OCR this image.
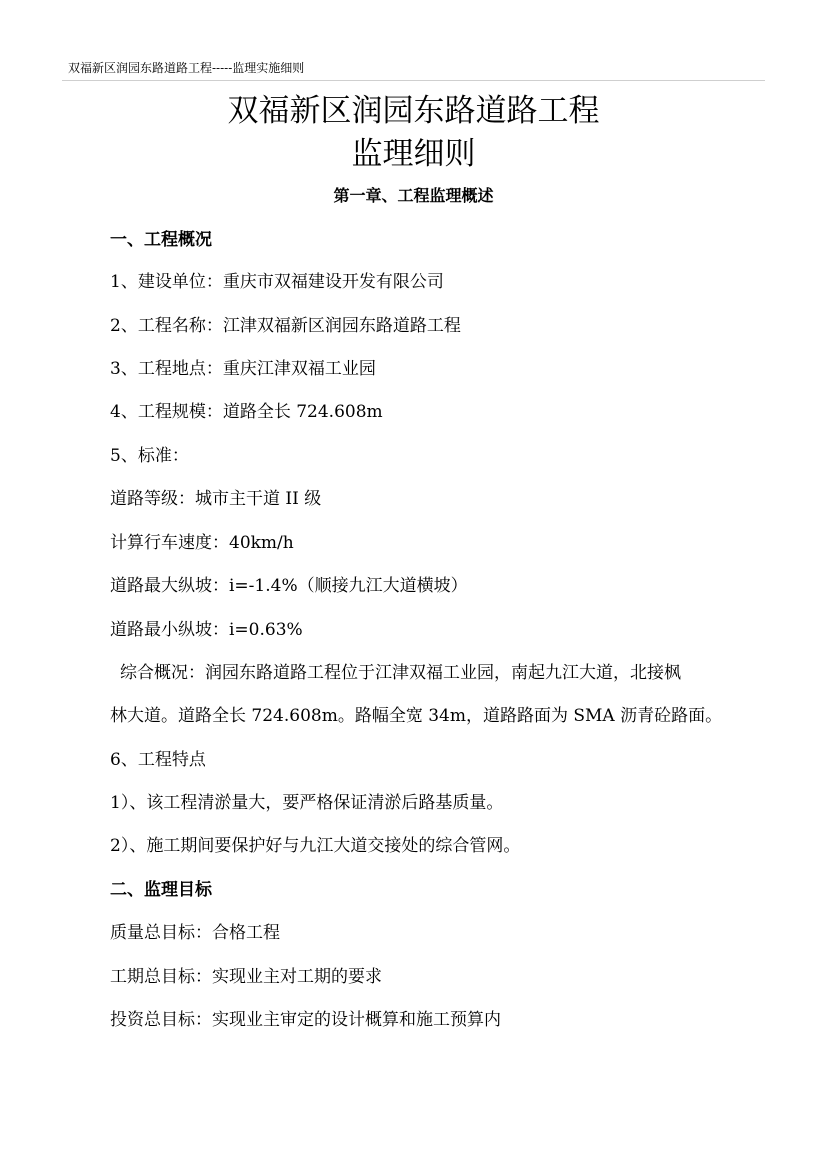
双福新区润园东路道路工程-----监理实施细则
双福新区润园东路道路工程
监理细则
第一章、工程监理概述
一、工程概况
1、建设单位：重庆市双福建设开发有限公司
2、工程名称：江津双福新区润园东路道路工程
3、工程地点：重庆江津双福工业园
4、工程规模：道路全长 724.608m
5、标准：
道路等级：城市主干道 II 级
计算行车速度：40km/h
道路最大纵坡：i=-1.4%（顺接九江大道横坡）
道路最小纵坡：i=0.63%
综合概况：润园东路道路工程位于江津双福工业园，南起九江大道，北接枫
林大道。道路全长 724.608m。路幅全宽 34m，道路路面为 SMA 沥青砼路面。
6、工程特点
1）、该工程清淤量大，要严格保证清淤后路基质量。
2）、施工期间要保护好与九江大道交接处的综合管网。
二、监理目标
质量总目标：合格工程
工期总目标：实现业主对工期的要求
投资总目标：实现业主审定的设计概算和施工预算内
